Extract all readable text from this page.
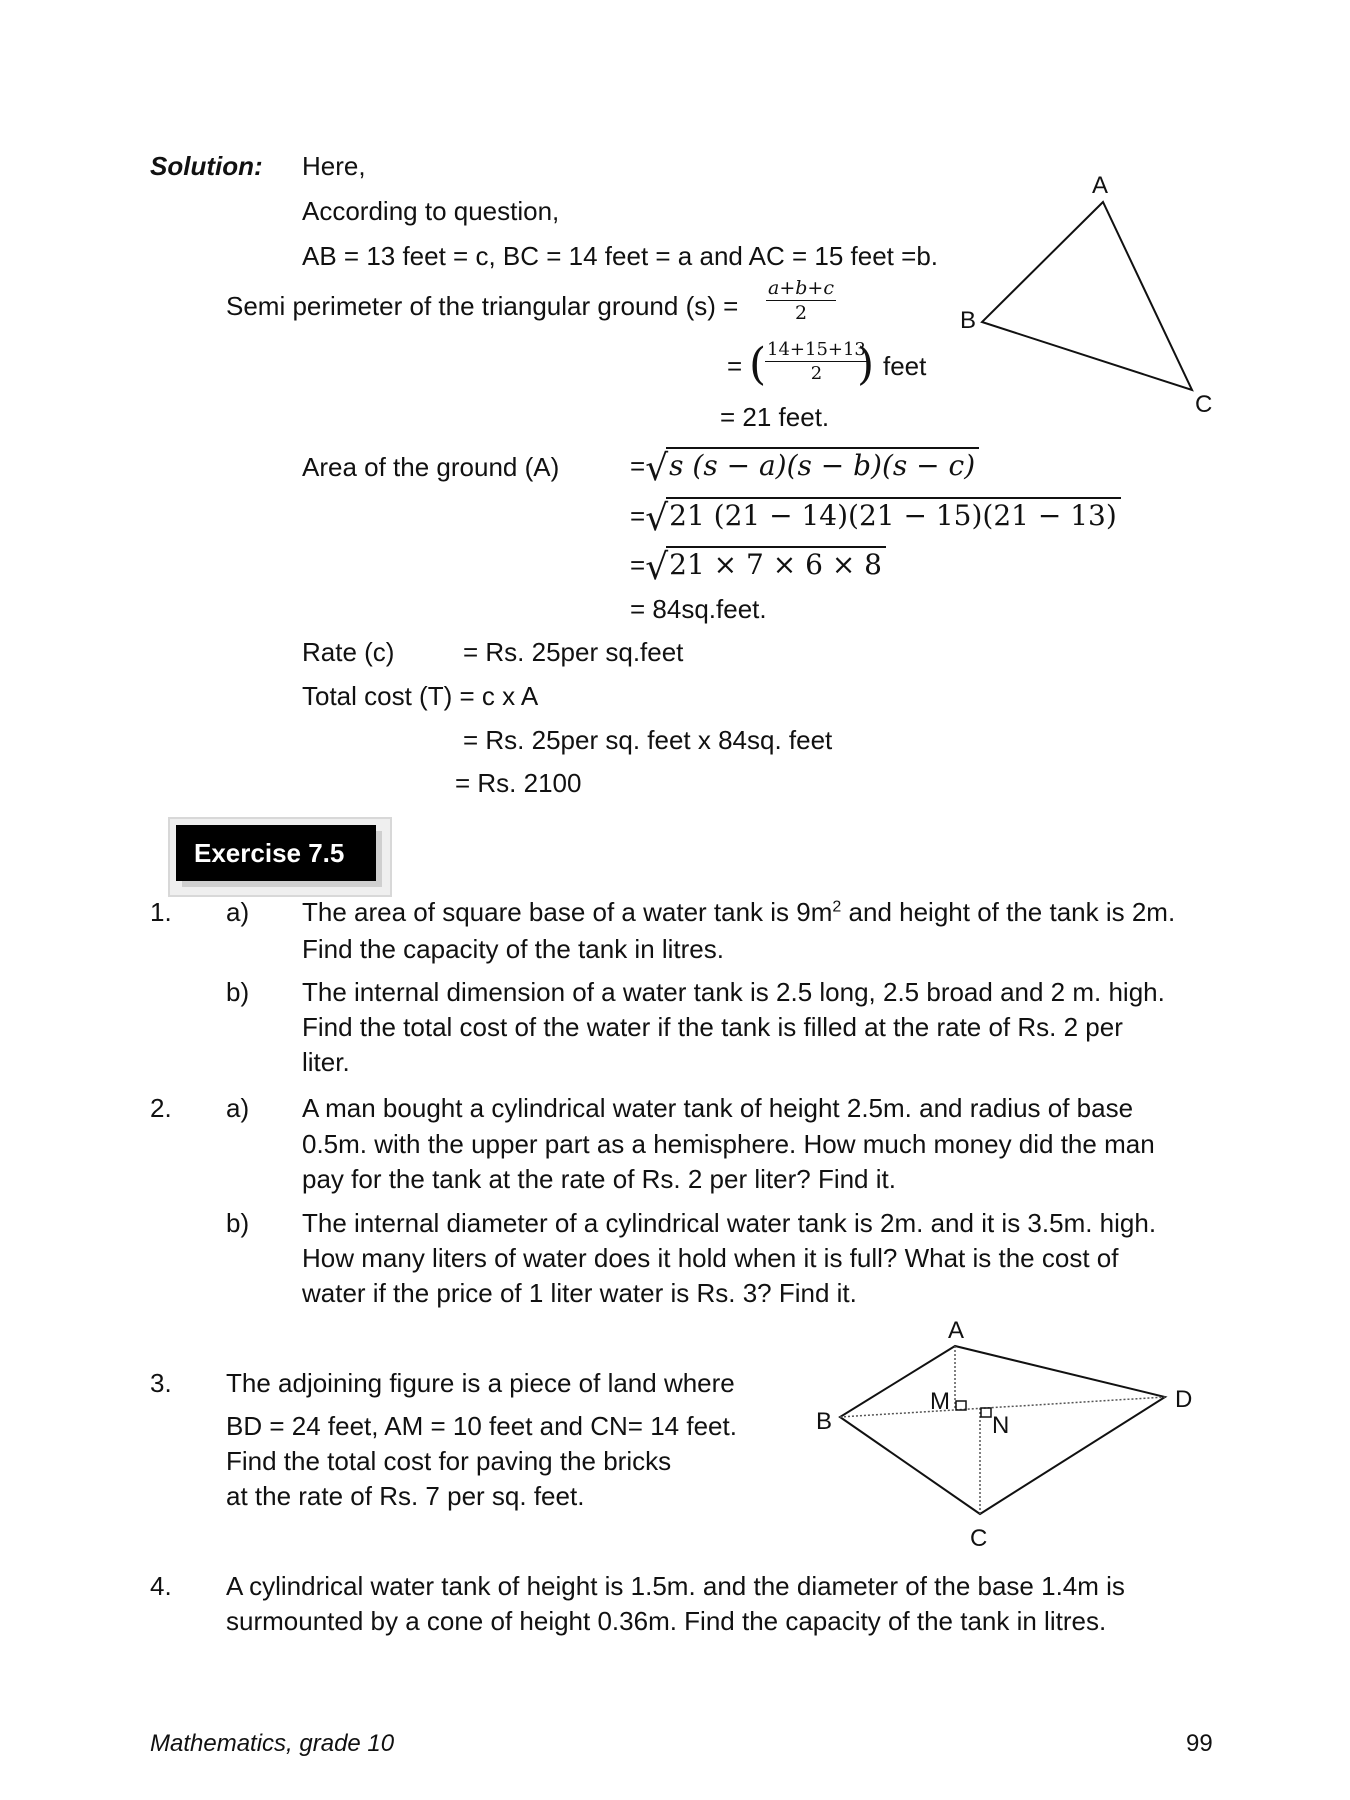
Solution: Here,
According to question,
AB = 13 feet = c, BC = 14 feet = a and AC = 15 feet =b.
Semi perimeter of the triangular ground $(s) = \frac{a+b+c}{2}$
= (
$\frac{14+15+13}{2}$
) feet
= 21 feet.
Area of the ground (A)	=√s (s − a)(s − b)(s − c)
=√21 (21 − 14)(21 − 15)(21 − 13)
=√21 × 7 × 6 × 8
= 84sq.feet.
Rate (c)	= Rs. 25per sq.feet
Total cost (T) = c x A
= Rs. 25per sq. feet x 84sq. feet
= Rs. 2100
A
B
C
Exercise 7.5
1. a) The area of square base of a water tank is $9m^2$ and height of the tank is 2m.
Find the capacity of the tank in litres.
b) The internal dimension of a water tank is 2.5 long, 2.5 broad and 2 m. high.
Find the total cost of the water if the tank is filled at the rate of Rs. 2 per
liter.
2. a) A man bought a cylindrical water tank of height 2.5m. and radius of base
0.5m. with the upper part as a hemisphere. How much money did the man
pay for the tank at the rate of Rs. 2 per liter? Find it.
b) The internal diameter of a cylindrical water tank is 2m. and it is 3.5m. high.
How many liters of water does it hold when it is full? What is the cost of
water if the price of 1 liter water is Rs. 3? Find it.
3. The adjoining figure is a piece of land where
BD = 24 feet, AM = 10 feet and CN= 14 feet.
Find the total cost for paving the bricks
at the rate of Rs. 7 per sq. feet.
A
B
C
D
M
N
4. A cylindrical water tank of height is 1.5m. and the diameter of the base 1.4m is
surmounted by a cone of height 0.36m. Find the capacity of the tank in litres.
Mathematics, grade 10	99
